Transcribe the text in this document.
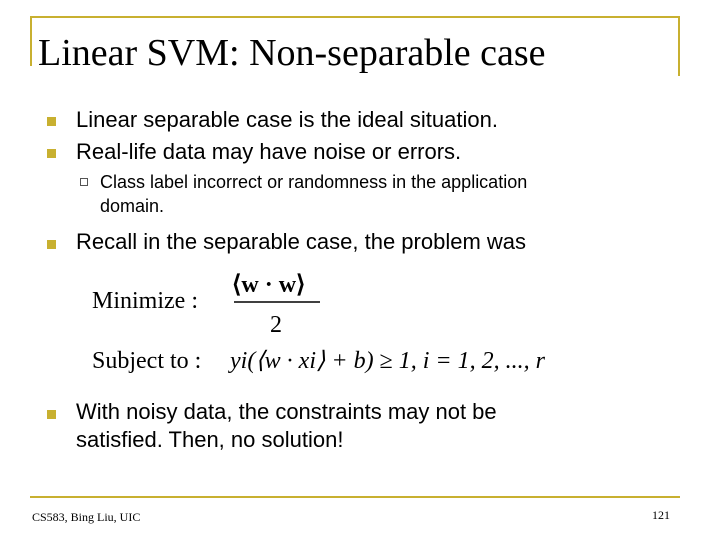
Linear SVM: Non-separable case
Linear separable case is the ideal situation.
Real-life data may have noise or errors.
Class label incorrect or randomness in the application
domain.
Recall in the separable case, the problem was
Minimize :
⟨w · w⟩
2
Subject to : yi(⟨w · xi⟩ + b) ≥ 1, i = 1, 2, ..., r
With noisy data, the constraints may not be
satisfied. Then, no solution!
CS583, Bing Liu, UIC	121
